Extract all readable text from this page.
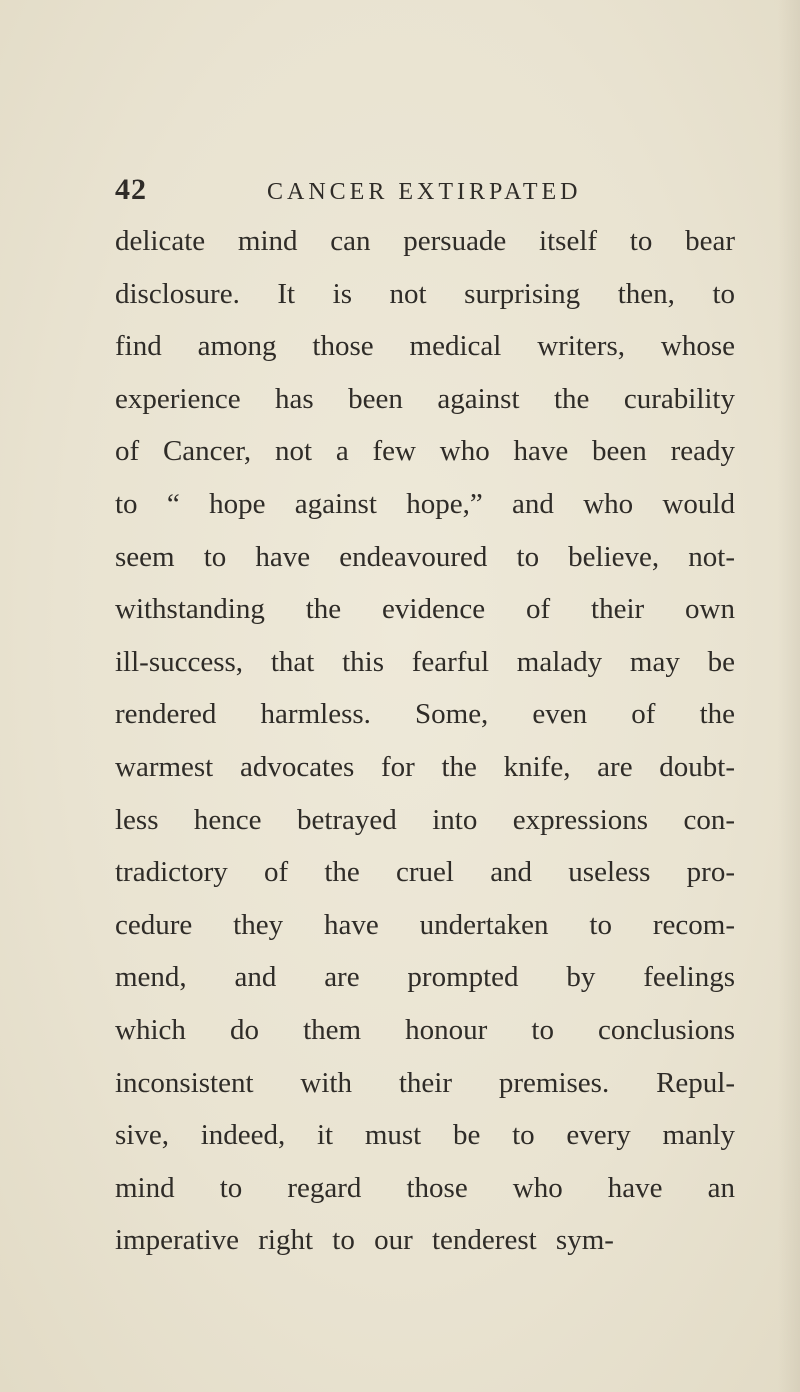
42	CANCER EXTIRPATED
delicate mind can persuade itself to bear
disclosure. It is not surprising then, to
find among those medical writers, whose
experience has been against the curability
of Cancer, not a few who have been ready
to “ hope against hope,” and who would
seem to have endeavoured to believe, not-
withstanding the evidence of their own
ill-success, that this fearful malady may be
rendered harmless. Some, even of the
warmest advocates for the knife, are doubt-
less hence betrayed into expressions con-
tradictory of the cruel and useless pro-
cedure they have undertaken to recom-
mend, and are prompted by feelings
which do them honour to conclusions
inconsistent with their premises. Repul-
sive, indeed, it must be to every manly
mind to regard those who have an
imperative right to our tenderest sym-
